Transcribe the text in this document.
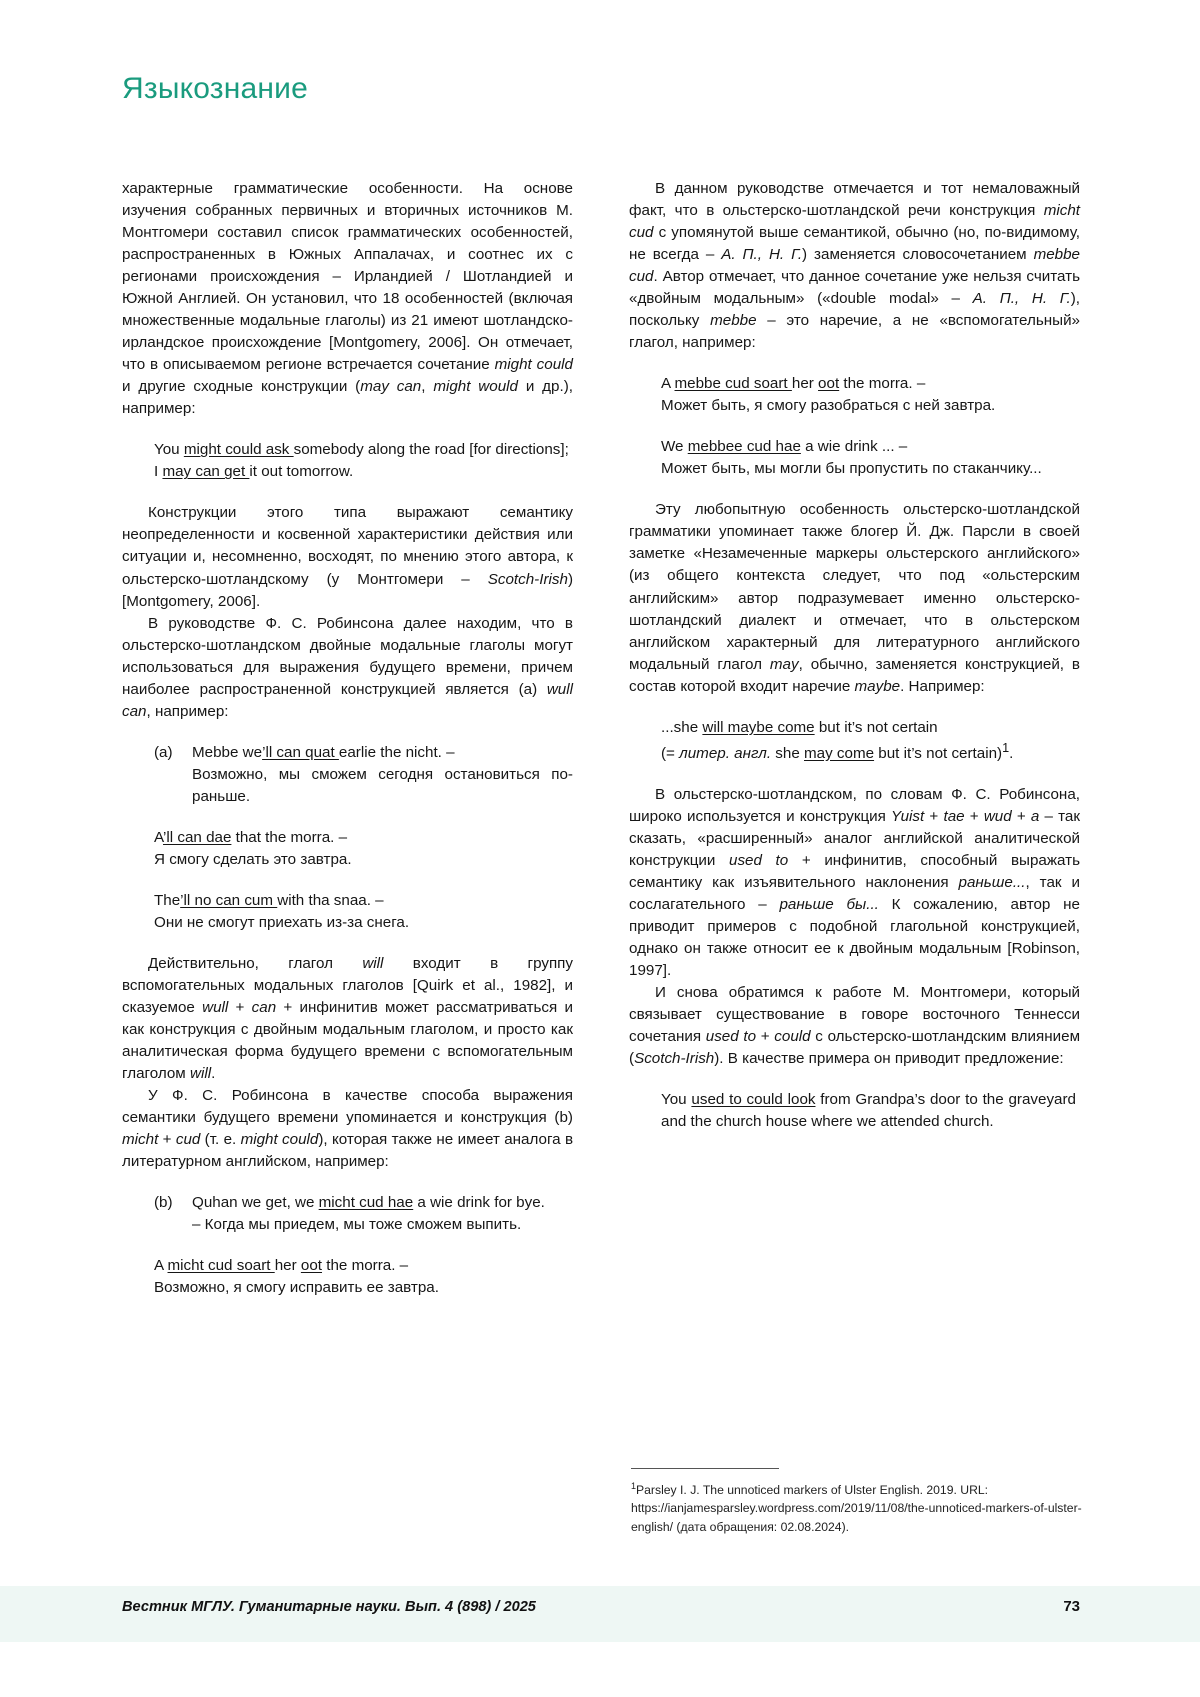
Языкознание

характерные грамматические особенности. На основе изучения собранных первичных и вторичных источников М. Монтгомери составил список грамматических особенностей, распространенных в Южных Аппалачах, и соотнес их с регионами происхождения – Ирландией / Шотландией и Южной Англией. Он установил, что 18 особенностей (включая множественные модальные глаголы) из 21 имеют шотландско-ирландское происхождение [Montgomery, 2006]. Он отмечает, что в описываемом регионе встречается сочетание might could и другие сходные конструкции (may can, might would и др.), например:

You might could ask somebody along the road [for directions];

I may can get it out tomorrow.

Конструкции этого типа выражают семантику неопределенности и косвенной характеристики действия или ситуации и, несомненно, восходят, по мнению этого автора, к ольстерско-шотландскому (у Монтгомери – Scotch-Irish) [Montgomery, 2006].

В руководстве Ф. С. Робинсона далее находим, что в ольстерско-шотландском двойные модальные глаголы могут использоваться для выражения будущего времени, причем наиболее распространенной конструкцией является (а) wull can, например:

(а) Mebbe we’ll can quat earlie the nicht. –
Возможно, мы сможем сегодня остановиться по-раньше.

A’ll can dae that the morra. –

Я смогу сделать это завтра.

The’ll no can cum with tha snaa. –

Они не смогут приехать из-за снега.

Действительно, глагол will входит в группу вспомогательных модальных глаголов [Quirk et al., 1982], и сказуемое wull + can + инфинитив может рассматриваться и как конструкция с двойным модальным глаголом, и просто как аналитическая форма будущего времени с вспомогательным глаголом will.

У Ф. С. Робинсона в качестве способа выражения семантики будущего времени упоминается и конструкция (b) micht + cud (т. е. might could), которая также не имеет аналога в литературном английском, например:

(b) Quhan we get, we micht cud hae a wie drink for bye.
– Когда мы приедем, мы тоже сможем выпить.

A micht cud soart her oot the morra. –

Возможно, я смогу исправить ее завтра.

В данном руководстве отмечается и тот немаловажный факт, что в ольстерско-шотландской речи конструкция micht cud с упомянутой выше семантикой, обычно (но, по-видимому, не всегда – А. П., Н. Г.) заменяется словосочетанием mebbe cud. Автор отмечает, что данное сочетание уже нельзя считать «двойным модальным» («double modal» – А. П., Н. Г.), поскольку mebbe – это наречие, а не «вспомогательный» глагол, например:

A mebbe cud soart her oot the morra. –

Может быть, я смогу разобраться с ней завтра.

We mebbee cud hae a wie drink ... –

Может быть, мы могли бы пропустить по стаканчику...

Эту любопытную особенность ольстерско-шотландской грамматики упоминает также блогер Й. Дж. Парсли в своей заметке «Незамеченные маркеры ольстерского английского» (из общего контекста следует, что под «ольстерским английским» автор подразумевает именно ольстерско-шотландский диалект и отмечает, что в ольстерском английском характерный для литературного английского модальный глагол may, обычно, заменяется конструкцией, в состав которой входит наречие maybe. Например:

...she will maybe come but it’s not certain

(= литер. англ. she may come but it’s not certain)$^1$.

В ольстерско-шотландском, по словам Ф. С. Робинсона, широко используется и конструкция Yuist + tae + wud + a – так сказать, «расширенный» аналог английской аналитической конструкции used to + инфинитив, способный выражать семантику как изъявительного наклонения раньше..., так и сослагательного – раньше бы... К сожалению, автор не приводит примеров с подобной глагольной конструкцией, однако он также относит ее к двойным модальным [Robinson, 1997].

И снова обратимся к работе М. Монтгомери, который связывает существование в говоре восточного Теннесси сочетания used to + could с ольстерско-шотландским влиянием (Scotch-Irish). В качестве примера он приводит предложение:

You used to could look from Grandpa’s door to the graveyard and the church house where we attended church.

$^1$Parsley I. J. The unnoticed markers of Ulster English. 2019. URL: https://ianjamesparsley.wordpress.com/2019/11/08/the-unnoticed-markers-of-ulster-english/ (дата обращения: 02.08.2024).
Вестник МГЛУ. Гуманитарные науки. Вып. 4 (898) / 2025	73
